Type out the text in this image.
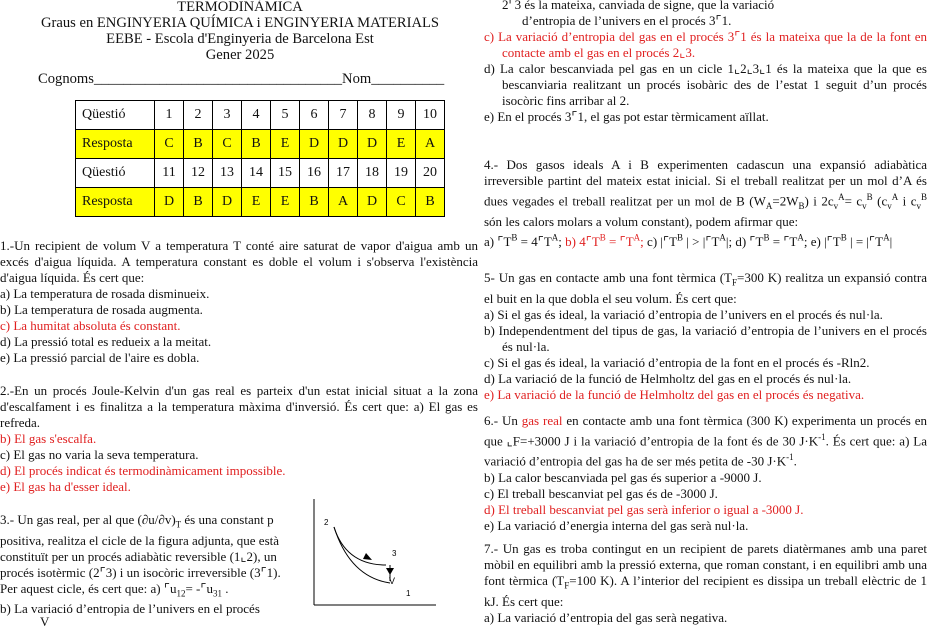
TERMODINÀMICA
Graus en ENGINYERIA QUÍMICA i ENGINYERIA MATERIALS
EEBE - Escola d'Enginyeria de Barcelona Est
Gener 2025
Cognoms__________________________________Nom__________
Qüestió	1	2	3	4	5	6	7	8	9	10
Resposta	C	B	C	B	E	D	D	D	E	A
Qüestió	11	12	13	14	15	16	17	18	19	20
Resposta	D	B	D	E	E	B	A	D	C	B
1.-Un recipient de volum V a temperatura T conté aire saturat de vapor d'aigua amb un excés d'aigua líquida. A temperatura constant es doble el volum i s'observa l'existència d'aigua líquida. És cert que:
a) La temperatura de rosada disminueix.
b) La temperatura de rosada augmenta.
c) La humitat absoluta és constant.
d) La pressió total es redueix a la meitat.
e) La pressió parcial de l'aire es dobla.
2.-En un procés Joule-Kelvin d'un gas real es parteix d'un estat inicial situat a la zona d'escalfament i es finalitza a la temperatura màxima d'inversió. És cert que: a) El gas es refreda.
b) El gas s'escalfa.
c) El gas no varia la seva temperatura.
d) El procés indicat és termodinàmicament impossible.
e) El gas ha d'esser ideal.
3.- Un gas real, per al que $(\partial u/\partial v)_T$ és una constant p
positiva, realitza el cicle de la figura adjunta, que està
constituït per un procés adiabàtic reversible (1⌞2), un
procés isotèrmic (2⌜3) i un isocòric irreversible (3⌜1).
Per aquest cicle, és cert que: a) $⌜u_{12}=$ $-⌜u_{31}$ .
b) La variació d’entropia de l’univers en el procés
V
2
3
V
1
2⌜3 és la mateixa, canviada de signe, que la variació
d’entropia de l’univers en el procés 3⌜1.
c) La variació d’entropia del gas en el procés 3⌜1 és la mateixa que la de la font en contacte amb el gas en el procés 2⌞3.
d) La calor bescanviada pel gas en un cicle 1⌞2⌞3⌞1 és la mateixa que la que es bescanviaria realitzant un procés isobàric des de l’estat 1 seguit d’un procés isocòric fins arribar al 2.
e) En el procés 3⌜1, el gas pot estar tèrmicament aïllat.
4.- Dos gasos ideals A i B experimenten cadascun una expansió adiabàtica irreversible partint del mateix estat inicial. Si el treball realitzat per un mol d’A és dues vegades el treball realitzat per un mol de B $(W_A=2W_B)$ i $2c_v^A= c_v^B$ ($c_v^A$ i $c_v^B$ són les calors molars a volum constant), podem afirmar que:
a) $⌜T^B$ = $4⌜T^A$; b) $4⌜T^B$ = $⌜T^A$; c) $|⌜T^B$ | > $|⌜T^A|$; d) $⌜T^B$ = $⌜T^A$; e) $|⌜T^B$ | = $|⌜T^A|$
5- Un gas en contacte amb una font tèrmica ($T_F=300$ K) realitza un expansió contra el buit en la que dobla el seu volum. És cert que:
a) Si el gas és ideal, la variació d’entropia de l’univers en el procés és nul·la.
b) Independentment del tipus de gas, la variació d’entropia de l’univers en el procés és nul·la.
c) Si el gas és ideal, la variació d’entropia de la font en el procés és -Rln2.
d) La variació de la funció de Helmholtz del gas en el procés és nul·la.
e) La variació de la funció de Helmholtz del gas en el procés és negativa.
6.- Un gas real en contacte amb una font tèrmica (300 K) experimenta un procés en que ⌞F=+3000 J i la variació d’entropia de la font és de 30 $J\cdot K^{-1}$. És cert que: a) La variació d’entropia del gas ha de ser més petita de -30 $J\cdot K^{-1}$.
b) La calor bescanviada pel gas és superior a -9000 J.
c) El treball bescanviat pel gas és de -3000 J.
d) El treball bescanviat pel gas serà inferior o igual a -3000 J.
e) La variació d’energia interna del gas serà nul·la.
7.- Un gas es troba contingut en un recipient de parets diatèrmanes amb una paret mòbil en equilibri amb la pressió externa, que roman constant, i en equilibri amb una font tèrmica ($T_F=100$ K). A l’interior del recipient es dissipa un treball elèctric de 1 kJ. És cert que:
a) La variació d’entropia del gas serà negativa.
